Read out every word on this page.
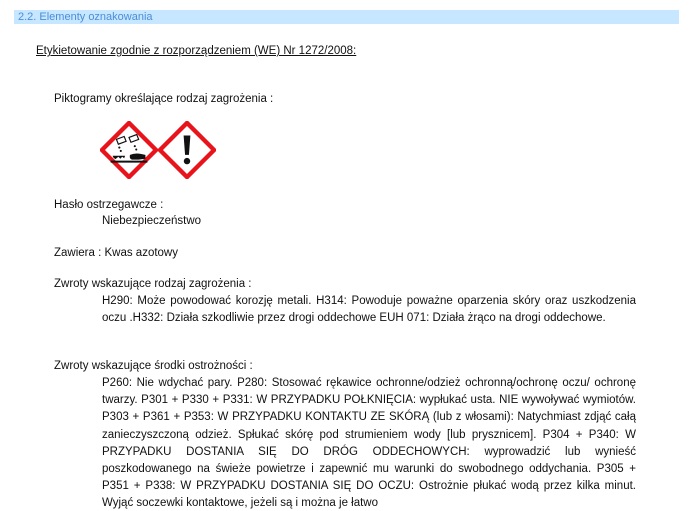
2.2. Elementy oznakowania
Etykietowanie zgodnie z rozporządzeniem (WE) Nr 1272/2008:
Piktogramy określające rodzaj zagrożenia :
Hasło ostrzegawcze :
Niebezpieczeństwo
Zawiera : Kwas azotowy
Zwroty wskazujące rodzaj zagrożenia :
H290: Może powodować korozję metali. H314: Powoduje poważne oparzenia skóry oraz uszkodzenia oczu .H332: Działa szkodliwie przez drogi oddechowe EUH 071: Działa żrąco na drogi oddechowe.
Zwroty wskazujące środki ostrożności :
P260: Nie wdychać pary. P280: Stosować rękawice ochronne/odzież ochronną/ochronę oczu/ ochronę twarzy. P301 + P330 + P331: W PRZYPADKU POŁKNIĘCIA: wypłukać usta. NIE wywoływać wymiotów. P303 + P361 + P353: W PRZYPADKU KONTAKTU ZE SKÓRĄ (lub z włosami): Natychmiast zdjąć całą zanieczyszczoną odzież. Spłukać skórę pod strumieniem wody [lub prysznicem]. P304 + P340: W PRZYPADKU DOSTANIA SIĘ DO DRÓG ODDECHOWYCH: wyprowadzić lub wynieść poszkodowanego na świeże powietrze i zapewnić mu warunki do swobodnego oddychania. P305 + P351 + P338: W PRZYPADKU DOSTANIA SIĘ DO OCZU: Ostrożnie płukać wodą przez kilka minut. Wyjąć soczewki kontaktowe, jeżeli są i można je łatwo
